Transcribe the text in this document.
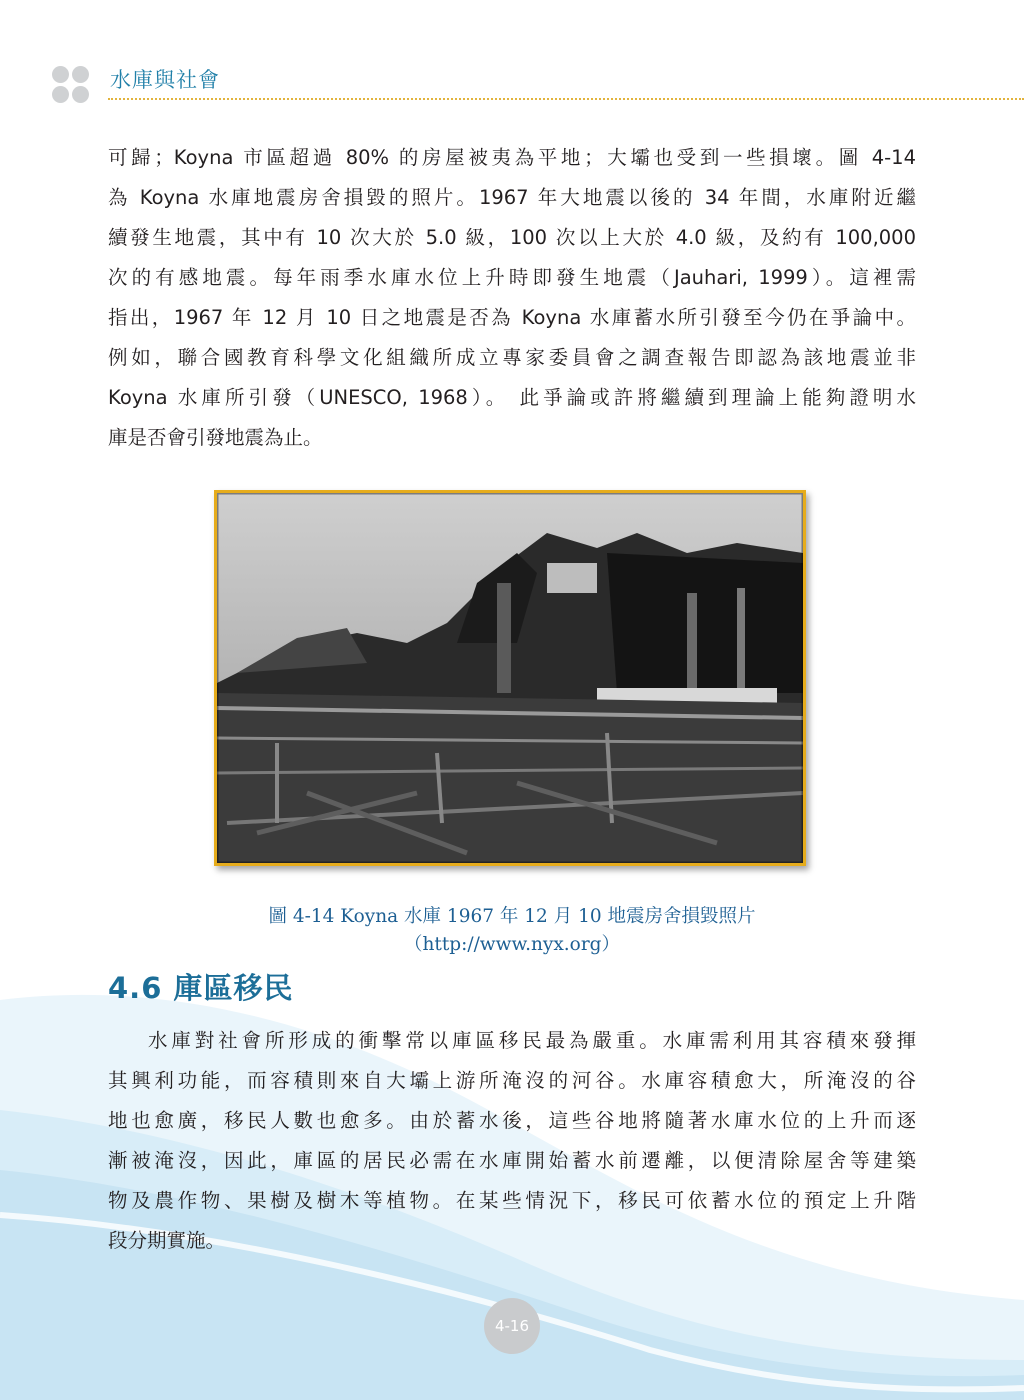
水庫與社會
可歸；Koyna 市區超過 80% 的房屋被夷為平地；大壩也受到一些損壞。圖 4-14
為 Koyna 水庫地震房舍損毀的照片。1967 年大地震以後的 34 年間，水庫附近繼
續發生地震，其中有 10 次大於 5.0 級，100 次以上大於 4.0 級，及約有 100,000
次的有感地震。每年雨季水庫水位上升時即發生地震（Jauhari, 1999）。這裡需
指出，1967 年 12 月 10 日之地震是否為 Koyna 水庫蓄水所引發至今仍在爭論中。
例如，聯合國教育科學文化組織所成立專家委員會之調查報告即認為該地震並非
Koyna 水庫所引發（UNESCO, 1968）。 此爭論或許將繼續到理論上能夠證明水
庫是否會引發地震為止。
圖 4-14 Koyna 水庫 1967 年 12 月 10 地震房舍損毀照片
（http://www.nyx.org）
4.6 庫區移民
水庫對社會所形成的衝擊常以庫區移民最為嚴重。水庫需利用其容積來發揮
其興利功能，而容積則來自大壩上游所淹沒的河谷。水庫容積愈大，所淹沒的谷
地也愈廣，移民人數也愈多。由於蓄水後，這些谷地將隨著水庫水位的上升而逐
漸被淹沒，因此，庫區的居民必需在水庫開始蓄水前遷離，以便清除屋舍等建築
物及農作物、果樹及樹木等植物。在某些情況下，移民可依蓄水位的預定上升階
段分期實施。
4-16
